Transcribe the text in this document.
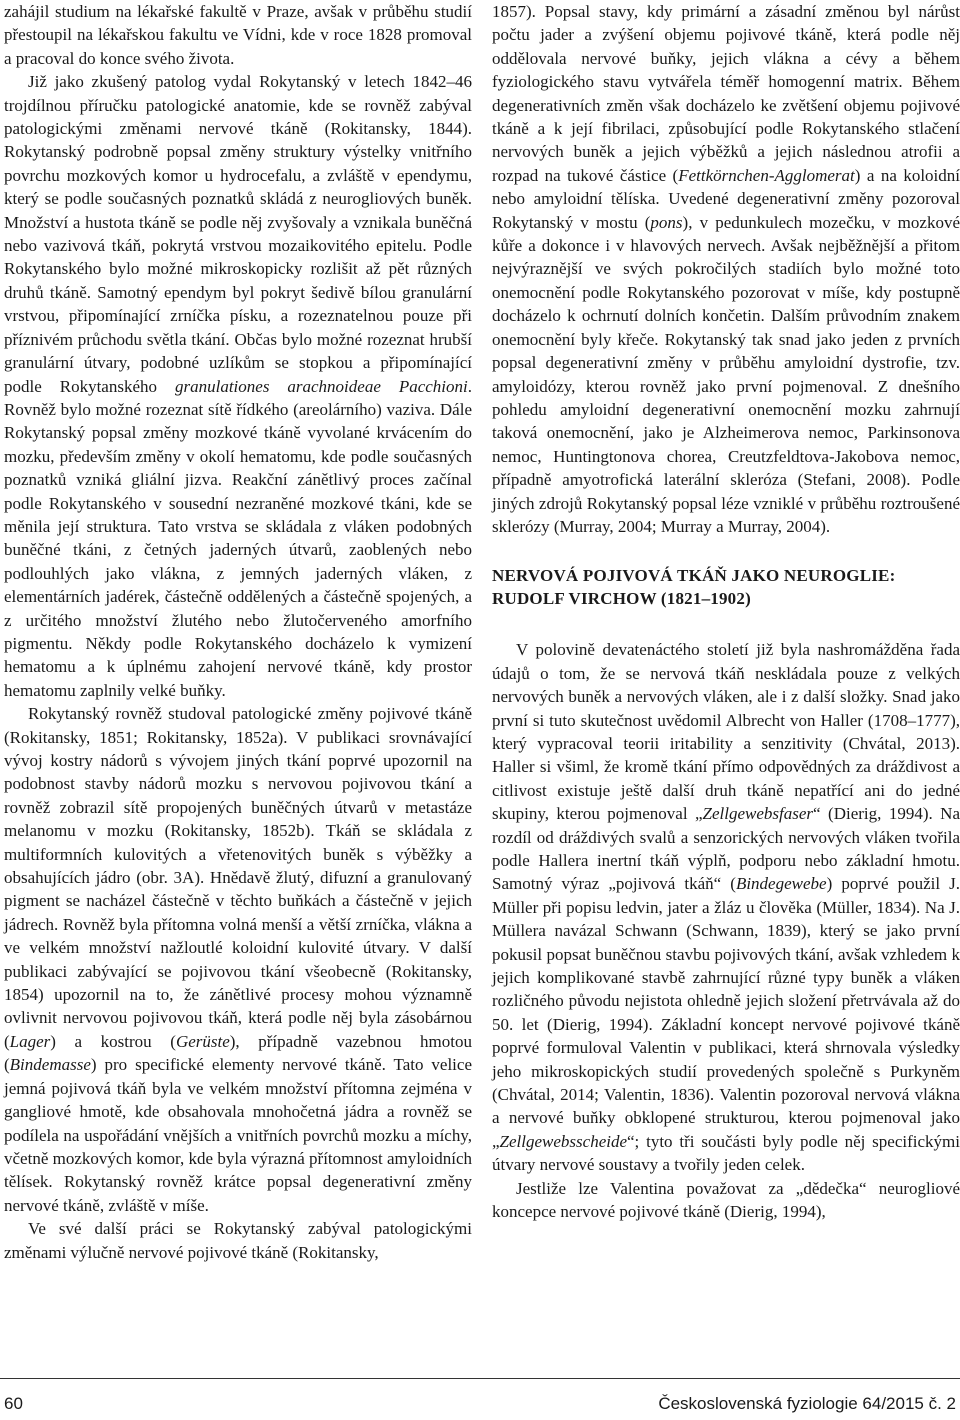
zahájil studium na lékařské fakultě v Praze, avšak v průběhu studií přestoupil na lékařskou fakultu ve Vídni, kde v roce 1828 promoval a pracoval do konce svého života.

Již jako zkušený patolog vydal Rokytanský v letech 1842–46 trojdílnou příručku patologické anatomie, kde se rovněž zabýval patologickými změnami nervové tkáně (Rokitansky, 1844). Rokytanský podrobně popsal změny struktury výstelky vnitřního povrchu mozkových komor u hydrocefalu, a zvláště v ependymu, který se podle současných poznatků skládá z neurogliových buněk. Množství a hustota tkáně se podle něj zvyšovaly a vznikala buněčná nebo vazivová tkáň, pokrytá vrstvou mozaikovitého epitelu. Podle Rokytanského bylo možné mikroskopicky rozlišit až pět různých druhů tkáně. Samotný ependym byl pokryt šedivě bílou granulární vrstvou, připomínající zrníčka písku, a rozeznatelnou pouze při příznivém průchodu světla tkání. Občas bylo možné rozeznat hrubší granulární útvary, podobné uzlíkům se stopkou a připomínající podle Rokytanského granulationes arachnoideae Pacchioni. Rovněž bylo možné rozeznat sítě řídkého (areolárního) vaziva. Dále Rokytanský popsal změny mozkové tkáně vyvolané krvácením do mozku, především změny v okolí hematomu, kde podle současných poznatků vzniká gliální jizva. Reakční zánětlivý proces začínal podle Rokytanského v sousední nezraněné mozkové tkáni, kde se měnila její struktura. Tato vrstva se skládala z vláken podobných buněčné tkáni, z četných jaderných útvarů, zaoblených nebo podlouhlých jako vlákna, z jemných jaderných vláken, z elementárních jadérek, částečně oddělených a částečně spojených, a z určitého množství žlutého nebo žlutočerveného amorfního pigmentu. Někdy podle Rokytanského docházelo k vymizení hematomu a k úplnému zahojení nervové tkáně, kdy prostor hematomu zaplnily velké buňky.

Rokytanský rovněž studoval patologické změny pojivové tkáně (Rokitansky, 1851; Rokitansky, 1852a). V publikaci srovnávající vývoj kostry nádorů s vývojem jiných tkání poprvé upozornil na podobnost stavby nádorů mozku s nervovou pojivovou tkání a rovněž zobrazil sítě propojených buněčných útvarů v metastáze melanomu v mozku (Rokitansky, 1852b). Tkáň se skládala z multiformních kulovitých a vřetenovitých buněk s výběžky a obsahujících jádro (obr. 3A). Hnědavě žlutý, difuzní a granulovaný pigment se nacházel částečně v těchto buňkách a částečně v jejich jádrech. Rovněž byla přítomna volná menší a větší zrníčka, vlákna a ve velkém množství nažloutlé koloidní kulovité útvary. V další publikaci zabývající se pojivovou tkání všeobecně (Rokitansky, 1854) upozornil na to, že zánětlivé procesy mohou významně ovlivnit nervovou pojivovou tkáň, která podle něj byla zásobárnou (Lager) a kostrou (Gerüste), případně vazebnou hmotou (Bindemasse) pro specifické elementy nervové tkáně. Tato velice jemná pojivová tkáň byla ve velkém množství přítomna zejména v gangliové hmotě, kde obsahovala mnohočetná jádra a rovněž se podílela na uspořádání vnějších a vnitřních povrchů mozku a míchy, včetně mozkových komor, kde byla výrazná přítomnost amyloidních tělísek. Rokytanský rovněž krátce popsal degenerativní změny nervové tkáně, zvláště v míše.

Ve své další práci se Rokytanský zabýval patologickými změnami výlučně nervové pojivové tkáně (Rokitansky,

1857). Popsal stavy, kdy primární a zásadní změnou byl nárůst počtu jader a zvýšení objemu pojivové tkáně, která podle něj oddělovala nervové buňky, jejich vlákna a cévy a během fyziologického stavu vytvářela téměř homogenní matrix. Během degenerativních změn však docházelo ke zvětšení objemu pojivové tkáně a k její fibrilaci, způsobující podle Rokytanského stlačení nervových buněk a jejich výběžků a jejich následnou atrofii a rozpad na tukové částice (Fettkörnchen-Agglomerat) a na koloidní nebo amyloidní tělíska. Uvedené degenerativní změny pozoroval Rokytanský v mostu (pons), v pedunkulech mozečku, v mozkové kůře a dokonce i v hlavových nervech. Avšak nejběžnější a přitom nejvýraznější ve svých pokročilých stadiích bylo možné toto onemocnění podle Rokytanského pozorovat v míše, kdy postupně docházelo k ochrnutí dolních končetin. Dalším průvodním znakem onemocnění byly křeče. Rokytanský tak snad jako jeden z prvních popsal degenerativní změny v průběhu amyloidní dystrofie, tzv. amyloidózy, kterou rovněž jako první pojmenoval. Z dnešního pohledu amyloidní degenerativní onemocnění mozku zahrnují taková onemocnění, jako je Alzheimerova nemoc, Parkinsonova nemoc, Huntingtonova chorea, Creutzfeldtova-Jakobova nemoc, případně amyotrofická laterální skleróza (Stefani, 2008). Podle jiných zdrojů Rokytanský popsal léze vzniklé v průběhu roztroušené sklerózy (Murray, 2004; Murray a Murray, 2004).

NERVOVÁ POJIVOVÁ TKÁŇ JAKO NEUROGLIE: RUDOLF VIRCHOW (1821–1902)

V polovině devatenáctého století již byla nashromážděna řada údajů o tom, že se nervová tkáň neskládala pouze z velkých nervových buněk a nervových vláken, ale i z další složky. Snad jako první si tuto skutečnost uvědomil Albrecht von Haller (1708–1777), který vypracoval teorii iritability a senzitivity (Chvátal, 2013). Haller si všiml, že kromě tkání přímo odpovědných za dráždivost a citlivost existuje ještě další druh tkáně nepatřící ani do jedné skupiny, kterou pojmenoval „Zellgewebsfaser“ (Dierig, 1994). Na rozdíl od dráždivých svalů a senzorických nervových vláken tvořila podle Hallera inertní tkáň výplň, podporu nebo základní hmotu. Samotný výraz „pojivová tkáň“ (Bindegewebe) poprvé použil J. Müller při popisu ledvin, jater a žláz u člověka (Müller, 1834). Na J. Müllera navázal Schwann (Schwann, 1839), který se jako první pokusil popsat buněčnou stavbu pojivových tkání, avšak vzhledem k jejich komplikované stavbě zahrnující různé typy buněk a vláken rozličného původu nejistota ohledně jejich složení přetrvávala až do 50. let (Dierig, 1994). Základní koncept nervové pojivové tkáně poprvé formuloval Valentin v publikaci, která shrnovala výsledky jeho mikroskopických studií provedených společně s Purkyněm (Chvátal, 2014; Valentin, 1836). Valentin pozoroval nervová vlákna a nervové buňky obklopené strukturou, kterou pojmenoval jako „Zellgewebsscheide“; tyto tři součásti byly podle něj specifickými útvary nervové soustavy a tvořily jeden celek.

Jestliže lze Valentina považovat za „dědečka“ neurogliové koncepce nervové pojivové tkáně (Dierig, 1994),

60	Československá fyziologie 64/2015 č. 2
